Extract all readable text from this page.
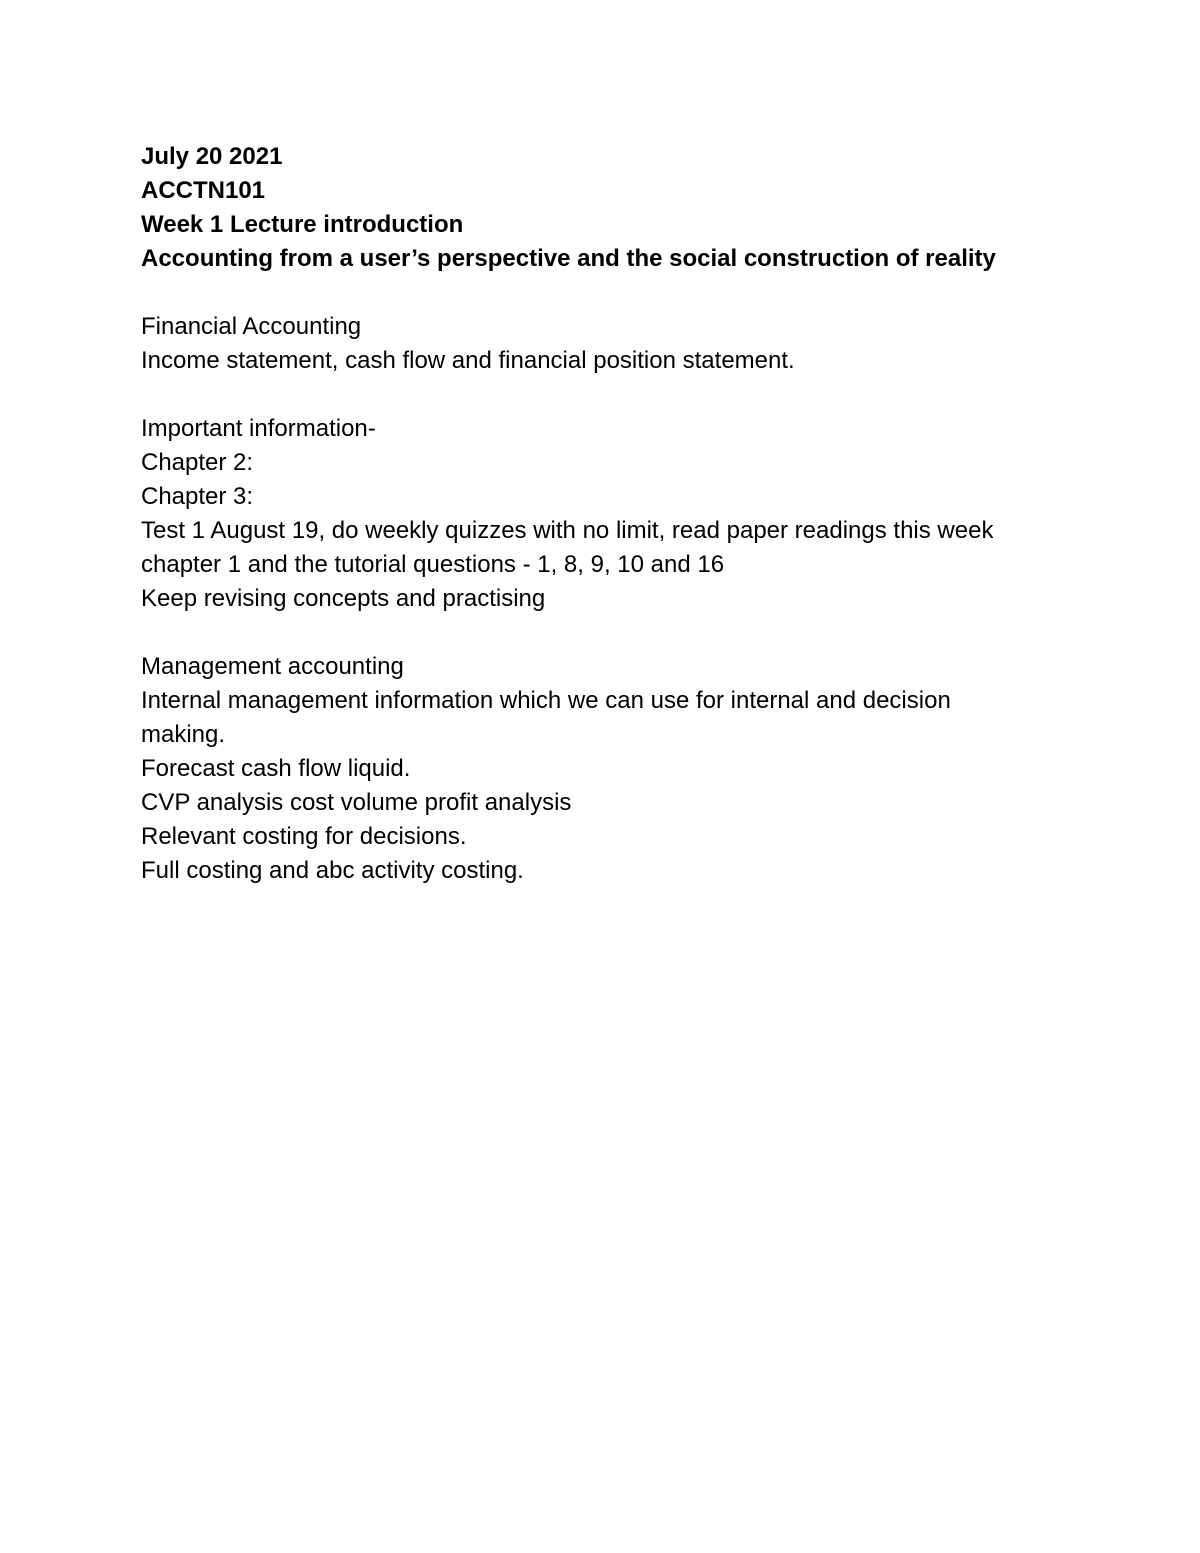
July 20 2021
ACCTN101
Week 1 Lecture introduction
Accounting from a user’s perspective and the social construction of reality
Financial Accounting
Income statement, cash flow and financial position statement.
Important information-
Chapter 2:
Chapter 3:
Test 1 August 19, do weekly quizzes with no limit, read paper readings this week
chapter 1 and the tutorial questions - 1, 8, 9, 10 and 16
Keep revising concepts and practising
Management accounting
Internal management information which we can use for internal and decision
making.
Forecast cash flow liquid.
CVP analysis cost volume profit analysis
Relevant costing for decisions.
Full costing and abc activity costing.
